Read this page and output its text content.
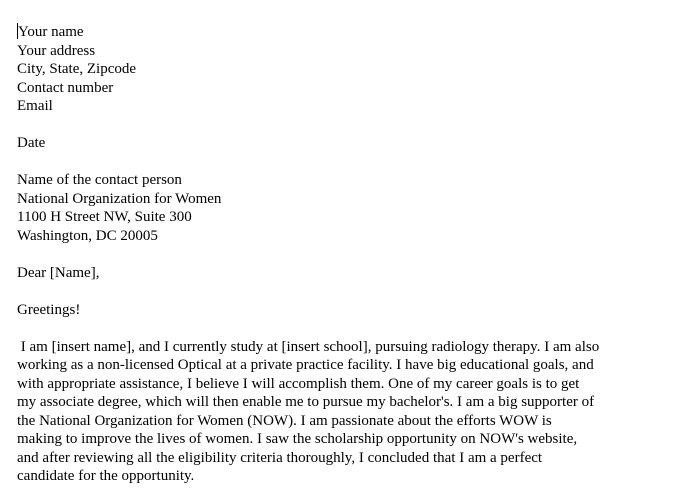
Your name
Your address
City, State, Zipcode
Contact number
Email
Date
Name of the contact person
National Organization for Women
1100 H Street NW, Suite 300
Washington, DC 20005
Dear [Name],
Greetings!
I am [insert name], and I currently study at [insert school], pursuing radiology therapy. I am also
working as a non-licensed Optical at a private practice facility. I have big educational goals, and
with appropriate assistance, I believe I will accomplish them. One of my career goals is to get
my associate degree, which will then enable me to pursue my bachelor's. I am a big supporter of
the National Organization for Women (NOW). I am passionate about the efforts WOW is
making to improve the lives of women. I saw the scholarship opportunity on NOW's website,
and after reviewing all the eligibility criteria thoroughly, I concluded that I am a perfect
candidate for the opportunity.
